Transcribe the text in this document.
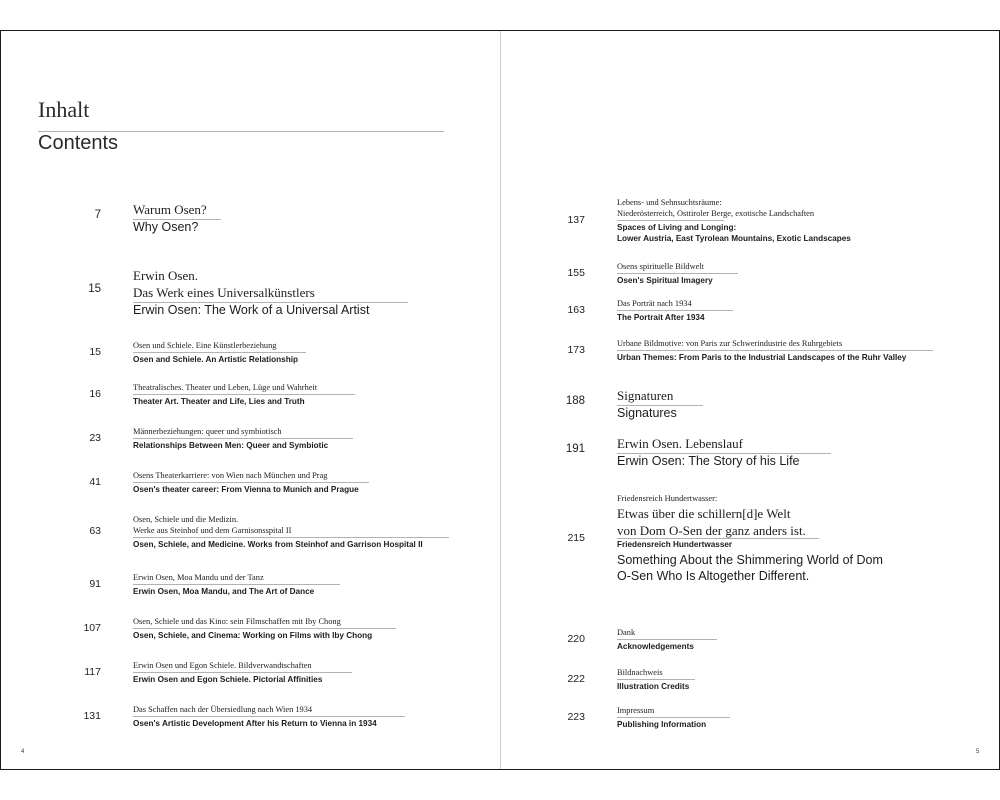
Inhalt
Contents
Warum Osen?
Why Osen?
7
Erwin Osen.
Das Werk eines Universalkünstlers
Erwin Osen: The Work of a Universal Artist
15
Osen und Schiele. Eine Künstlerbeziehung
Osen and Schiele. An Artistic Relationship
15
Theatralisches. Theater und Leben, Lüge und Wahrheit
Theater Art. Theater and Life, Lies and Truth
16
Männerbeziehungen: queer und symbiotisch
Relationships Between Men: Queer and Symbiotic
23
Osens Theaterkarriere: von Wien nach München und Prag
Osen's theater career: From Vienna to Munich and Prague
41
Osen, Schiele und die Medizin.
Werke aus Steinhof und dem Garnisonsspital II
Osen, Schiele, and Medicine. Works from Steinhof and Garrison Hospital II
63
Erwin Osen, Moa Mandu und der Tanz
Erwin Osen, Moa Mandu, and The Art of Dance
91
Osen, Schiele und das Kino: sein Filmschaffen mit Iby Chong
Osen, Schiele, and Cinema: Working on Films with Iby Chong
107
Erwin Osen und Egon Schiele. Bildverwandtschaften
Erwin Osen and Egon Schiele. Pictorial Affinities
117
Das Schaffen nach der Übersiedlung nach Wien 1934
Osen's Artistic Development After his Return to Vienna in 1934
131
Lebens- und Sehnsuchtsräume:
Niederösterreich, Osttiroler Berge, exotische Landschaften
Spaces of Living and Longing:
Lower Austria, East Tyrolean Mountains, Exotic Landscapes
137
Osens spirituelle Bildwelt
Osen's Spiritual Imagery
155
Das Porträt nach 1934
The Portrait After 1934
163
Urbane Bildmotive: von Paris zur Schwerindustrie des Ruhrgebiets
Urban Themes: From Paris to the Industrial Landscapes of the Ruhr Valley
173
Signaturen
Signatures
188
Erwin Osen. Lebenslauf
Erwin Osen: The Story of his Life
191
Friedensreich Hundertwasser:
Etwas über die schillern[d]e Welt
von Dom O-Sen der ganz anders ist.
Friedensreich Hundertwasser
Something About the Shimmering World of Dom
O-Sen Who Is Altogether Different.
215
Dank
Acknowledgements
220
Bildnachweis
Illustration Credits
222
Impressum
Publishing Information
223
4	5
